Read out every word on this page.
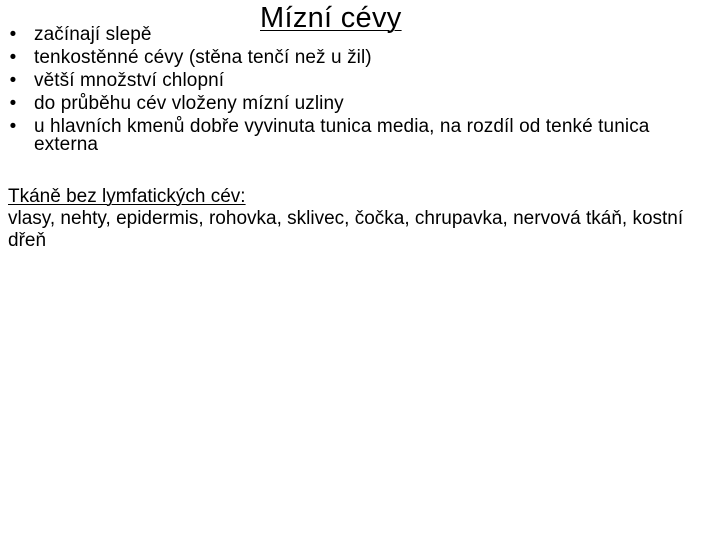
Mízní cévy
• začínají slepě
• tenkostěnné cévy (stěna tenčí než u žil)
• větší množství chlopní
• do průběhu cév vloženy mízní uzliny
• u hlavních kmenů dobře vyvinuta tunica media, na rozdíl od tenké tunica externa
Tkáně bez lymfatických cév:

vlasy, nehty, epidermis, rohovka, sklivec, čočka, chrupavka, nervová tkáň, kostní dřeň
